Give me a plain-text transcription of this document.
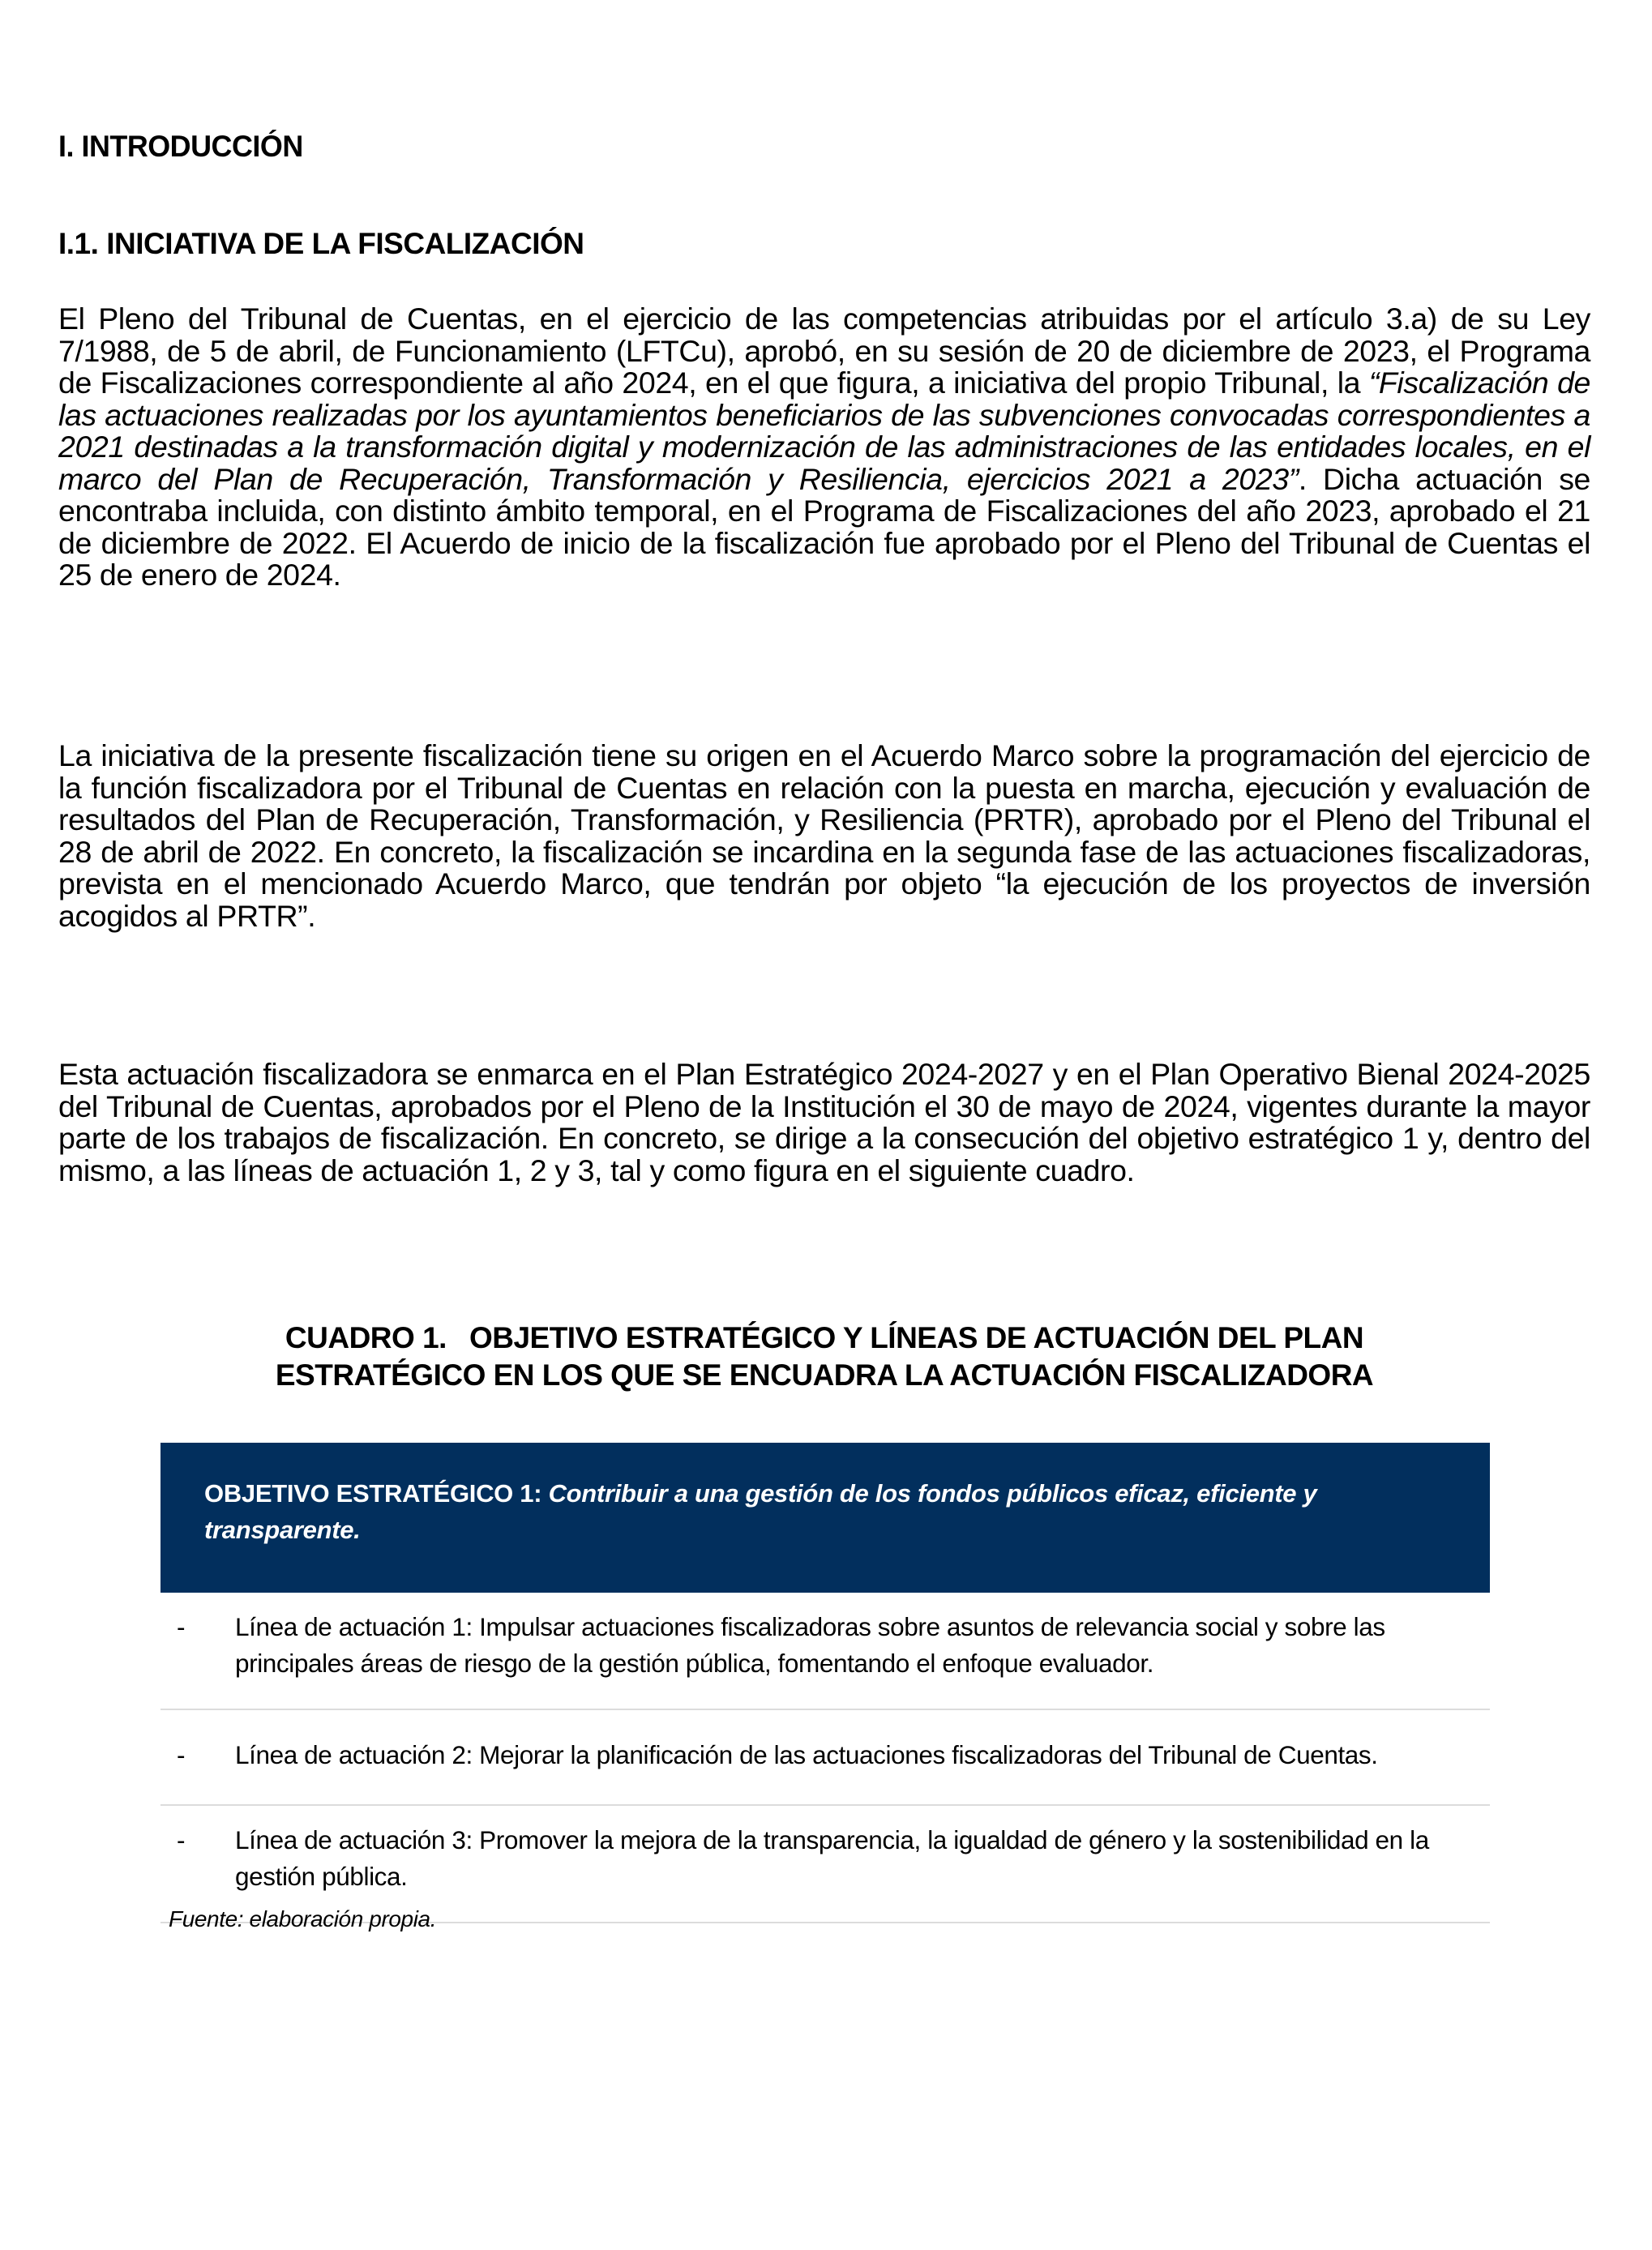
I. INTRODUCCIÓN
I.1. INICIATIVA DE LA FISCALIZACIÓN

El Pleno del Tribunal de Cuentas, en el ejercicio de las competencias atribuidas por el artículo 3.a) de su Ley 7/1988, de 5 de abril, de Funcionamiento (LFTCu), aprobó, en su sesión de 20 de diciembre de 2023, el Programa de Fiscalizaciones correspondiente al año 2024, en el que figura, a iniciativa del propio Tribunal, la “Fiscalización de las actuaciones realizadas por los ayuntamientos beneficiarios de las subvenciones convocadas correspondientes a 2021 destinadas a la transformación digital y modernización de las administraciones de las entidades locales, en el marco del Plan de Recuperación, Transformación y Resiliencia, ejercicios 2021 a 2023”. Dicha actuación se encontraba incluida, con distinto ámbito temporal, en el Programa de Fiscalizaciones del año 2023, aprobado el 21 de diciembre de 2022. El Acuerdo de inicio de la fiscalización fue aprobado por el Pleno del Tribunal de Cuentas el 25 de enero de 2024.

La iniciativa de la presente fiscalización tiene su origen en el Acuerdo Marco sobre la programación del ejercicio de la función fiscalizadora por el Tribunal de Cuentas en relación con la puesta en marcha, ejecución y evaluación de resultados del Plan de Recuperación, Transformación, y Resiliencia (PRTR), aprobado por el Pleno del Tribunal el 28 de abril de 2022. En concreto, la fiscalización se incardina en la segunda fase de las actuaciones fiscalizadoras, prevista en el mencionado Acuerdo Marco, que tendrán por objeto “la ejecución de los proyectos de inversión acogidos al PRTR”.

Esta actuación fiscalizadora se enmarca en el Plan Estratégico 2024-2027 y en el Plan Operativo Bienal 2024-2025 del Tribunal de Cuentas, aprobados por el Pleno de la Institución el 30 de mayo de 2024, vigentes durante la mayor parte de los trabajos de fiscalización. En concreto, se dirige a la consecución del objetivo estratégico 1 y, dentro del mismo, a las líneas de actuación 1, 2 y 3, tal y como figura en el siguiente cuadro.

CUADRO 1. OBJETIVO ESTRATÉGICO Y LÍNEAS DE ACTUACIÓN DEL PLAN
ESTRATÉGICO EN LOS QUE SE ENCUADRA LA ACTUACIÓN FISCALIZADORA
OBJETIVO ESTRATÉGICO 1: Contribuir a una gestión de los fondos públicos eficaz, eficiente y transparente.
-	Línea de actuación 1: Impulsar actuaciones fiscalizadoras sobre asuntos de relevancia social y sobre las principales áreas de riesgo de la gestión pública, fomentando el enfoque evaluador.
-	Línea de actuación 2: Mejorar la planificación de las actuaciones fiscalizadoras del Tribunal de Cuentas.
-	Línea de actuación 3: Promover la mejora de la transparencia, la igualdad de género y la sostenibilidad en la gestión pública.

Fuente: elaboración propia.
